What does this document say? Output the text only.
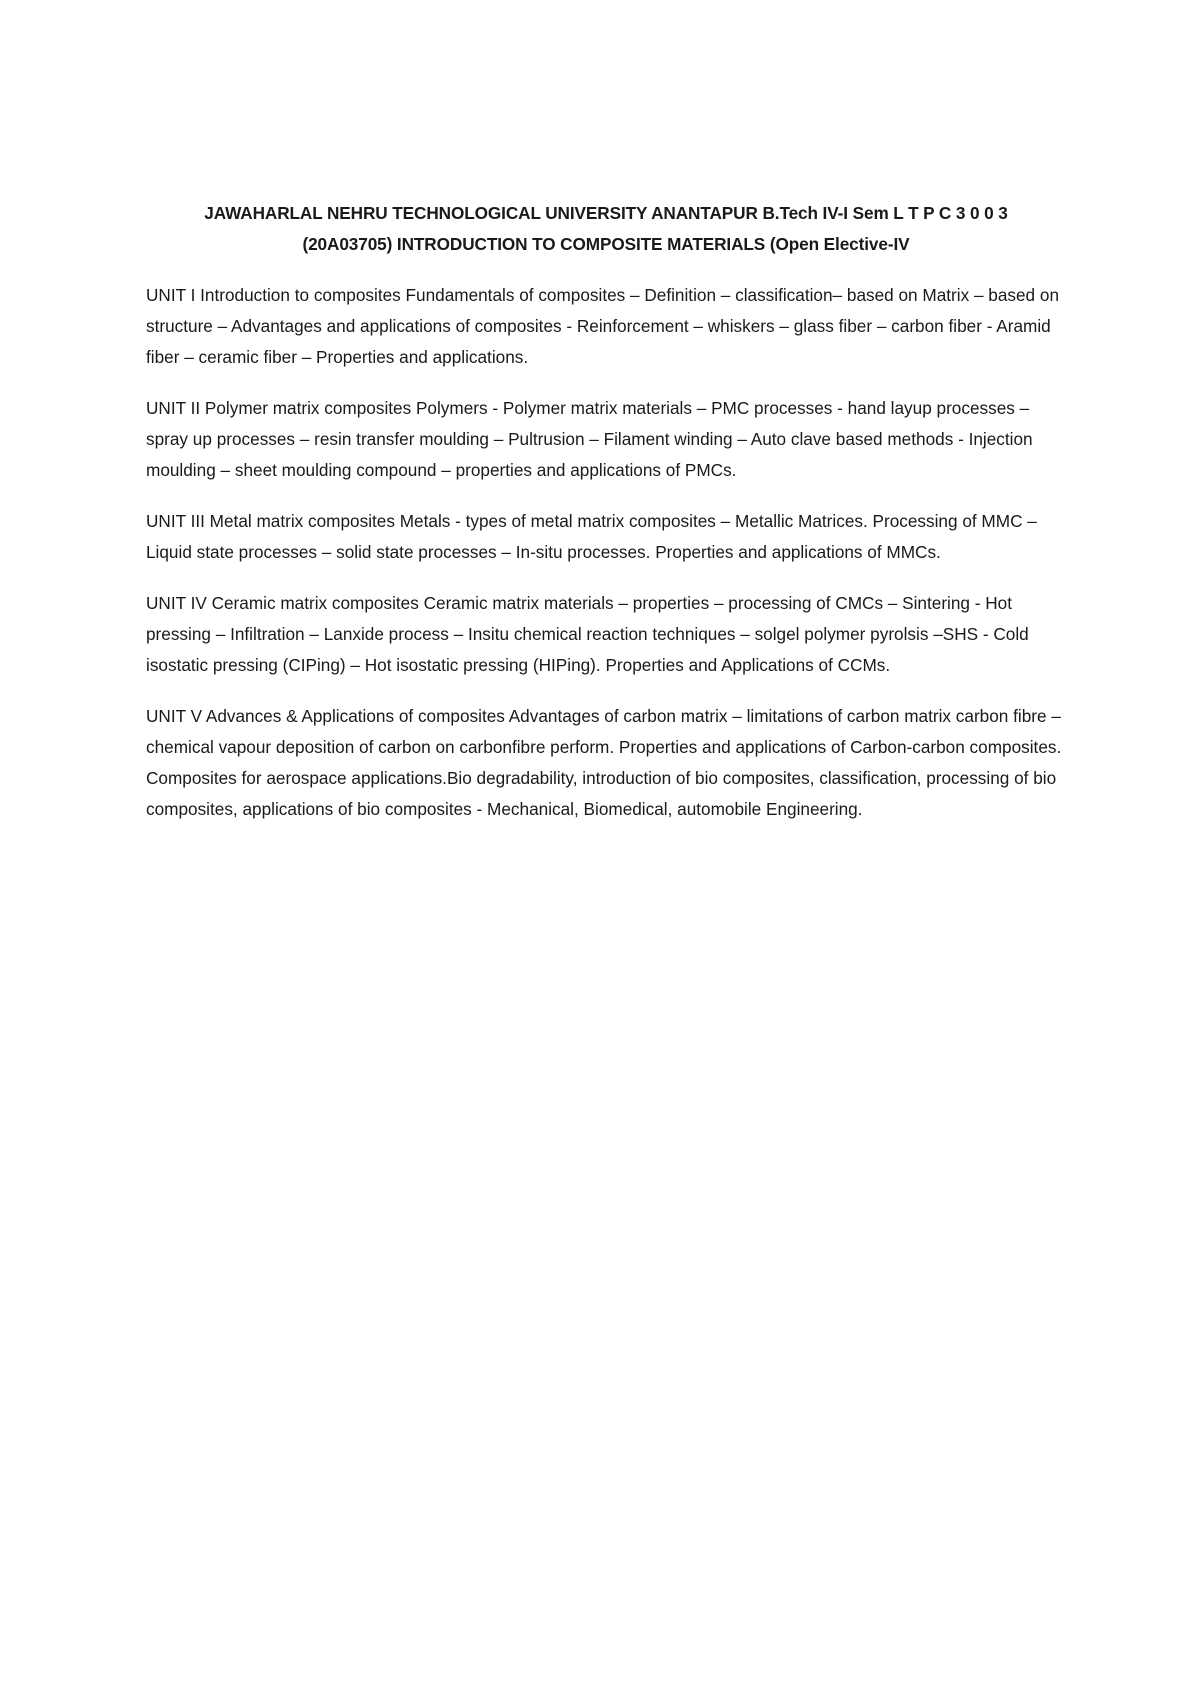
JAWAHARLAL NEHRU TECHNOLOGICAL UNIVERSITY ANANTAPUR B.Tech IV-I Sem L T P C 3 0 0 3
(20A03705) INTRODUCTION TO COMPOSITE MATERIALS (Open Elective-IV

UNIT I Introduction to composites Fundamentals of composites – Definition – classification– based on Matrix – based on structure – Advantages and applications of composites - Reinforcement – whiskers – glass fiber – carbon fiber - Aramid fiber – ceramic fiber – Properties and applications.

UNIT II Polymer matrix composites Polymers - Polymer matrix materials – PMC processes - hand layup processes – spray up processes – resin transfer moulding – Pultrusion – Filament winding – Auto clave based methods - Injection moulding – sheet moulding compound – properties and applications of PMCs.

UNIT III Metal matrix composites Metals - types of metal matrix composites – Metallic Matrices. Processing of MMC – Liquid state processes – solid state processes – In-situ processes. Properties and applications of MMCs.

UNIT IV Ceramic matrix composites Ceramic matrix materials – properties – processing of CMCs – Sintering - Hot pressing – Infiltration – Lanxide process – Insitu chemical reaction techniques – solgel polymer pyrolsis –SHS - Cold isostatic pressing (CIPing) – Hot isostatic pressing (HIPing). Properties and Applications of CCMs.

UNIT V Advances & Applications of composites Advantages of carbon matrix – limitations of carbon matrix carbon fibre – chemical vapour deposition of carbon on carbonfibre perform. Properties and applications of Carbon-carbon composites. Composites for aerospace applications.Bio degradability, introduction of bio composites, classification, processing of bio composites, applications of bio composites - Mechanical, Biomedical, automobile Engineering.
